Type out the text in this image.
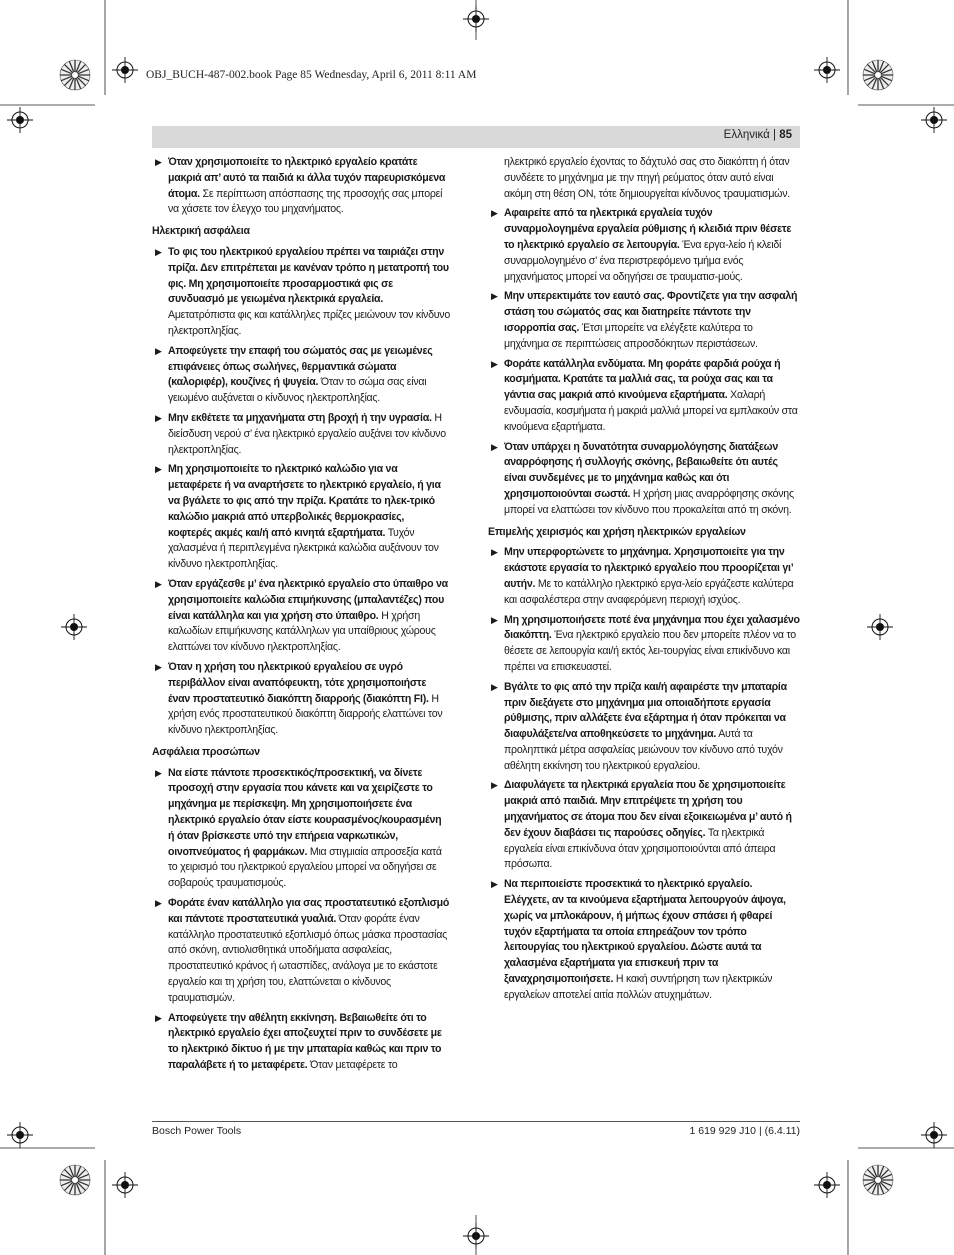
OBJ_BUCH-487-002.book Page 85 Wednesday, April 6, 2011 8:11 AM
Ελληνικά | 85
▶ Όταν χρησιμοποιείτε το ηλεκτρικό εργαλείο κρατάτε μακριά απ’ αυτό τα παιδιά κι άλλα τυχόν παρευρισκόμενα άτομα. Σε περίπτωση απόσπασης της προσοχής σας μπορεί να χάσετε τον έλεγχο του μηχανήματος.
Ηλεκτρική ασφάλεια
▶ Το φις του ηλεκτρικού εργαλείου πρέπει να ταιριάζει στην πρίζα. Δεν επιτρέπεται με κανέναν τρόπο η μετατροπή του φις. Μη χρησιμοποιείτε προσαρμοστικά φις σε συνδυασμό με γειωμένα ηλεκτρικά εργαλεία. Αμετατρόπιστα φις και κατάλληλες πρίζες μειώνουν τον κίνδυνο ηλεκτροπληξίας.
▶ Αποφεύγετε την επαφή του σώματός σας με γειωμένες επιφάνειες όπως σωλήνες, θερμαντικά σώματα (καλοριφέρ), κουζίνες ή ψυγεία. Όταν το σώμα σας είναι γειωμένο αυξάνεται ο κίνδυνος ηλεκτροπληξίας.
▶ Μην εκθέτετε τα μηχανήματα στη βροχή ή την υγρασία. Η διείσδυση νερού σ’ ένα ηλεκτρικό εργαλείο αυξάνει τον κίνδυνο ηλεκτροπληξίας.
▶ Μη χρησιμοποιείτε το ηλεκτρικό καλώδιο για να μεταφέρετε ή να αναρτήσετε το ηλεκτρικό εργαλείο, ή για να βγάλετε το φις από την πρίζα. Κρατάτε το ηλεκ-τρικό καλώδιο μακριά από υπερβολικές θερμοκρασίες, κοφτερές ακμές και/ή από κινητά εξαρτήματα. Τυχόν χαλασμένα ή περιπλεγμένα ηλεκτρικά καλώδια αυξάνουν τον κίνδυνο ηλεκτροπληξίας.
▶ Όταν εργάζεσθε μ’ ένα ηλεκτρικό εργαλείο στο ύπαιθρο να χρησιμοποιείτε καλώδια επιμήκυνσης (μπαλαντέζες) που είναι κατάλληλα και για χρήση στο ύπαιθρο. Η χρήση καλωδίων επιμήκυνσης κατάλληλων για υπαίθριους χώρους ελαττώνει τον κίνδυνο ηλεκτροπληξίας.
▶ Όταν η χρήση του ηλεκτρικού εργαλείου σε υγρό περιβάλλον είναι αναπόφευκτη, τότε χρησιμοποιήστε έναν προστατευτικό διακόπτη διαρροής (διακόπτη FI). Η χρήση ενός προστατευτικού διακόπτη διαρροής ελαττώνει τον κίνδυνο ηλεκτροπληξίας.
Ασφάλεια προσώπων
▶ Να είστε πάντοτε προσεκτικός/προσεκτική, να δίνετε προσοχή στην εργασία που κάνετε και να χειρίζεστε το μηχάνημα με περίσκεψη. Μη χρησιμοποιήσετε ένα ηλεκτρικό εργαλείο όταν είστε κουρασμένος/κουρασμένη ή όταν βρίσκεστε υπό την επήρεια ναρκωτικών, οινοπνεύματος ή φαρμάκων. Μια στιγμιαία απροσεξία κατά το χειρισμό του ηλεκτρικού εργαλείου μπορεί να οδηγήσει σε σοβαρούς τραυματισμούς.
▶ Φοράτε έναν κατάλληλο για σας προστατευτικό εξοπλισμό και πάντοτε προστατευτικά γυαλιά. Όταν φοράτε έναν κατάλληλο προστατευτικό εξοπλισμό όπως μάσκα προστασίας από σκόνη, αντιολισθητικά υποδήματα ασφαλείας, προστατευτικό κράνος ή ωτασπίδες, ανάλογα με το εκάστοτε εργαλείο και τη χρήση του, ελαττώνεται ο κίνδυνος τραυματισμών.
▶ Αποφεύγετε την αθέλητη εκκίνηση. Βεβαιωθείτε ότι το ηλεκτρικό εργαλείο έχει αποζευχτεί πριν το συνδέσετε με το ηλεκτρικό δίκτυο ή με την μπαταρία καθώς και πριν το παραλάβετε ή το μεταφέρετε. Όταν μεταφέρετε το
ηλεκτρικό εργαλείο έχοντας το δάχτυλό σας στο διακόπτη ή όταν συνδέετε το μηχάνημα με την πηγή ρεύματος όταν αυτό είναι ακόμη στη θέση ON, τότε δημιουργείται κίνδυνος τραυματισμών.
▶ Αφαιρείτε από τα ηλεκτρικά εργαλεία τυχόν συναρμολογημένα εργαλεία ρύθμισης ή κλειδιά πριν θέσετε το ηλεκτρικό εργαλείο σε λειτουργία. Ένα εργα-λείο ή κλειδί συναρμολογημένο σ’ ένα περιστρεφόμενο τμήμα ενός μηχανήματος μπορεί να οδηγήσει σε τραυματισ-μούς.
▶ Μην υπερεκτιμάτε τον εαυτό σας. Φροντίζετε για την ασφαλή στάση του σώματός σας και διατηρείτε πάντοτε την ισορροπία σας. Έτσι μπορείτε να ελέγξετε καλύτερα το μηχάνημα σε περιπτώσεις απροσδόκητων περιστάσεων.
▶ Φοράτε κατάλληλα ενδύματα. Μη φοράτε φαρδιά ρούχα ή κοσμήματα. Κρατάτε τα μαλλιά σας, τα ρούχα σας και τα γάντια σας μακριά από κινούμενα εξαρτήματα. Χαλαρή ενδυμασία, κοσμήματα ή μακριά μαλλιά μπορεί να εμπλακούν στα κινούμενα εξαρτήματα.
▶ Όταν υπάρχει η δυνατότητα συναρμολόγησης διατάξεων αναρρόφησης ή συλλογής σκόνης, βεβαιωθείτε ότι αυτές είναι συνδεμένες με το μηχάνημα καθώς και ότι χρησιμοποιούνται σωστά. Η χρήση μιας αναρρόφησης σκόνης μπορεί να ελαττώσει τον κίνδυνο που προκαλείται από τη σκόνη.
Επιμελής χειρισμός και χρήση ηλεκτρικών εργαλείων
▶ Μην υπερφορτώνετε το μηχάνημα. Χρησιμοποιείτε για την εκάστοτε εργασία το ηλεκτρικό εργαλείο που προορίζεται γι’ αυτήν. Με το κατάλληλο ηλεκτρικό εργα-λείο εργάζεστε καλύτερα και ασφαλέστερα στην αναφερόμενη περιοχή ισχύος.
▶ Μη χρησιμοποιήσετε ποτέ ένα μηχάνημα που έχει χαλασμένο διακόπτη. Ένα ηλεκτρικό εργαλείο που δεν μπορείτε πλέον να το θέσετε σε λειτουργία και/ή εκτός λει-τουργίας είναι επικίνδυνο και πρέπει να επισκευαστεί.
▶ Βγάλτε το φις από την πρίζα και/ή αφαιρέστε την μπαταρία πριν διεξάγετε στο μηχάνημα μια οποιαδήποτε εργασία ρύθμισης, πριν αλλάξετε ένα εξάρτημα ή όταν πρόκειται να διαφυλάξετε/να αποθηκεύσετε το μηχάνημα. Αυτά τα προληπτικά μέτρα ασφαλείας μειώνουν τον κίνδυνο από τυχόν αθέλητη εκκίνηση του ηλεκτρικού εργαλείου.
▶ Διαφυλάγετε τα ηλεκτρικά εργαλεία που δε χρησιμοποιείτε μακριά από παιδιά. Μην επιτρέψετε τη χρήση του μηχανήματος σε άτομα που δεν είναι εξοικειωμένα μ’ αυτό ή δεν έχουν διαβάσει τις παρούσες οδηγίες. Τα ηλεκτρικά εργαλεία είναι επικίνδυνα όταν χρησιμοποιούνται από άπειρα πρόσωπα.
▶ Να περιποιείστε προσεκτικά το ηλεκτρικό εργαλείο. Ελέγχετε, αν τα κινούμενα εξαρτήματα λειτουργούν άψογα, χωρίς να μπλοκάρουν, ή μήπως έχουν σπάσει ή φθαρεί τυχόν εξαρτήματα τα οποία επηρεάζουν τον τρόπο λειτουργίας του ηλεκτρικού εργαλείου. Δώστε αυτά τα χαλασμένα εξαρτήματα για επισκευή πριν τα ξαναχρησιμοποιήσετε. Η κακή συντήρηση των ηλεκτρικών εργαλείων αποτελεί αιτία πολλών ατυχημάτων.
Bosch Power Tools	1 619 929 J10 | (6.4.11)
